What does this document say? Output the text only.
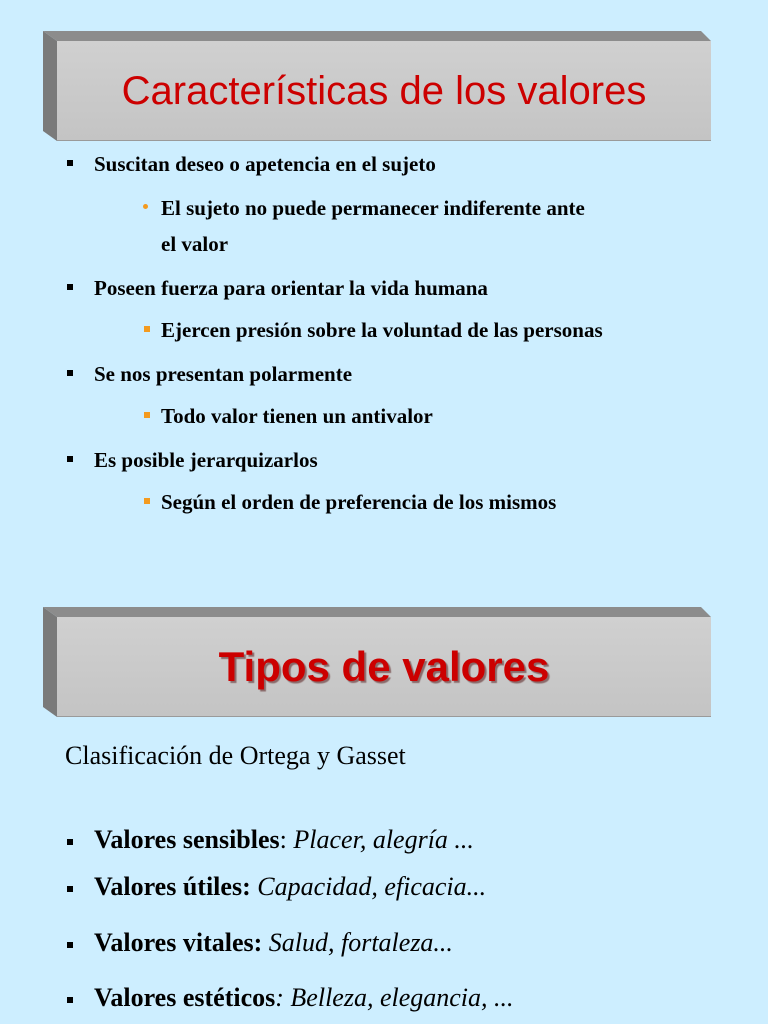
Características de los valores
Suscitan deseo o apetencia en el sujeto
El sujeto no puede permanecer indiferente ante
el valor
Poseen fuerza para orientar la vida humana
Ejercen presión sobre la voluntad de las personas
Se nos presentan polarmente
Todo valor tienen un antivalor
Es posible jerarquizarlos
Según el orden de preferencia de los mismos
Tipos de valores
Clasificación de Ortega y Gasset
Valores sensibles: Placer, alegría ...
Valores útiles: Capacidad, eficacia...
Valores vitales: Salud, fortaleza...
Valores estéticos: Belleza, elegancia, ...
